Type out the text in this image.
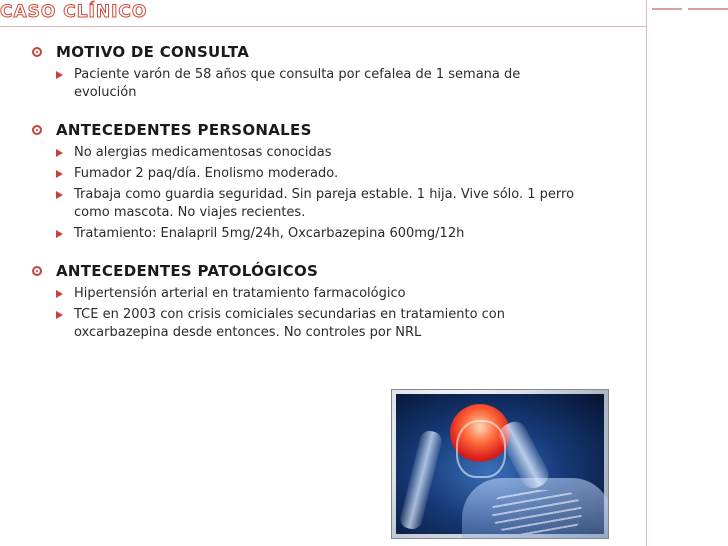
CASO CLÍNICO
MOTIVO DE CONSULTA
Paciente varón de 58 años que consulta por cefalea de 1 semana de evolución
ANTECEDENTES PERSONALES
No alergias medicamentosas conocidas
Fumador 2 paq/día. Enolismo moderado.
Trabaja como guardia seguridad. Sin pareja estable. 1 hija. Vive sólo. 1 perro como mascota. No viajes recientes.
Tratamiento: Enalapril 5mg/24h, Oxcarbazepina 600mg/12h
ANTECEDENTES PATOLÓGICOS
Hipertensión arterial en tratamiento farmacológico
TCE en 2003 con crisis comiciales secundarias en tratamiento con oxcarbazepina desde entonces. No controles por NRL
